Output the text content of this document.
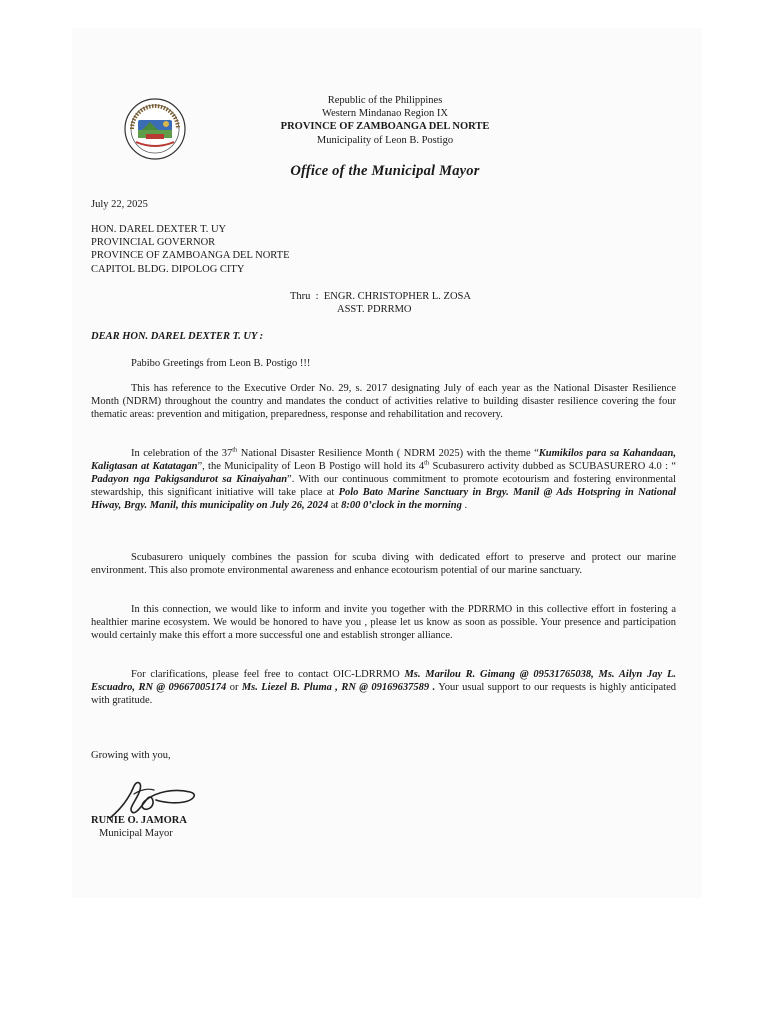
Republic of the Philippines
Western Mindanao Region IX
PROVINCE OF ZAMBOANGA DEL NORTE
Municipality of Leon B. Postigo
Office of the Municipal Mayor
July 22, 2025
HON. DAREL DEXTER T. UY
PROVINCIAL GOVERNOR
PROVINCE OF ZAMBOANGA DEL NORTE
CAPITOL BLDG. DIPOLOG CITY
Thru : ENGR. CHRISTOPHER L. ZOSA
ASST. PDRRMO
DEAR HON. DAREL DEXTER T. UY :
Pabibo Greetings from Leon B. Postigo !!!
This has reference to the Executive Order No. 29, s. 2017 designating July of each year as the National Disaster Resilience Month (NDRM) throughout the country and mandates the conduct of activities relative to building disaster resilience covering the four thematic areas: prevention and mitigation, preparedness, response and rehabilitation and recovery.
In celebration of the 37th National Disaster Resilience Month ( NDRM 2025) with the theme “Kumikilos para sa Kahandaan, Kaligtasan at Katatagan”, the Municipality of Leon B Postigo will hold its 4th Scubasurero activity dubbed as SCUBASURERO 4.0 : “ Padayon nga Pakigsandurot sa Kinaiyahan”. With our continuous commitment to promote ecotourism and fostering environmental stewardship, this significant initiative will take place at Polo Bato Marine Sanctuary in Brgy. Manil @ Ads Hotspring in National Hiway, Brgy. Manil, this municipality on July 26, 2024 at 8:00 0’clock in the morning .
Scubasurero uniquely combines the passion for scuba diving with dedicated effort to preserve and protect our marine environment. This also promote environmental awareness and enhance ecotourism potential of our marine sanctuary.
In this connection, we would like to inform and invite you together with the PDRRMO in this collective effort in fostering a healthier marine ecosystem. We would be honored to have you , please let us know as soon as possible. Your presence and participation would certainly make this effort a more successful one and establish stronger alliance.
For clarifications, please feel free to contact OIC-LDRRMO Ms. Marilou R. Gimang @ 09531765038, Ms. Ailyn Jay L. Escuadro, RN @ 09667005174 or Ms. Liezel B. Pluma , RN @ 09169637589 . Your usual support to our requests is highly anticipated with gratitude.
Growing with you,
RUNIE O. JAMORA
Municipal Mayor
